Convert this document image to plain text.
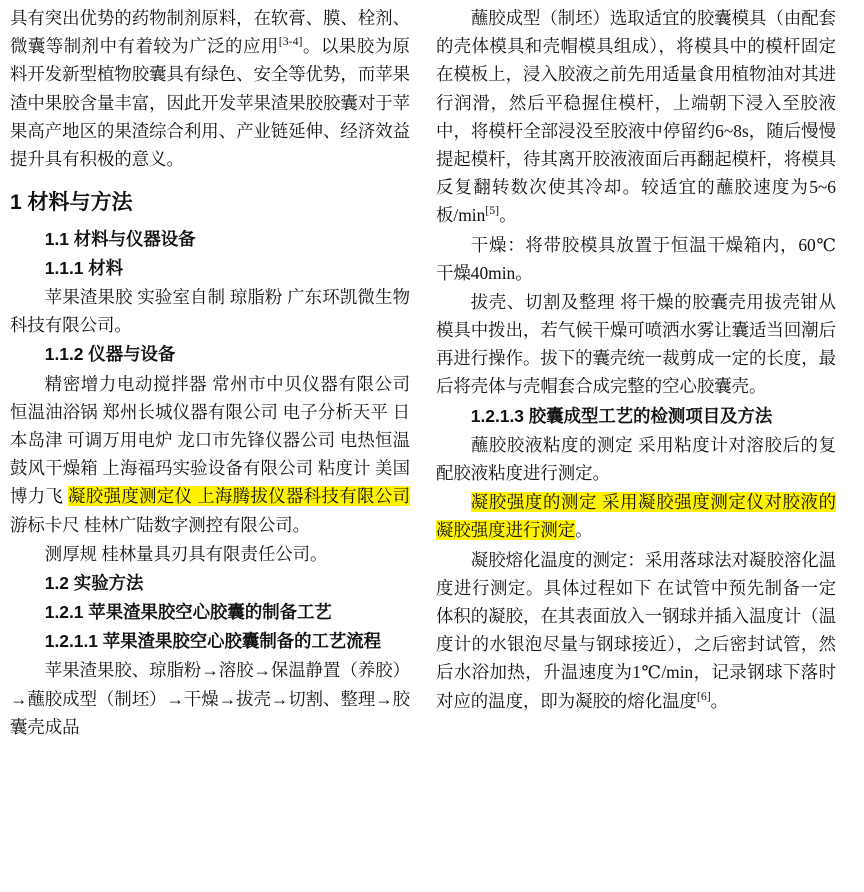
具有突出优势的药物制剂原料，在软膏、膜、栓剂、微囊等制剂中有着较为广泛的应用[3-4]。以果胶为原料开发新型植物胶囊具有绿色、安全等优势，而苹果渣中果胶含量丰富，因此开发苹果渣果胶胶囊对于苹果高产地区的果渣综合利用、产业链延伸、经济效益提升具有积极的意义。

1 材料与方法

1.1 材料与仪器设备

1.1.1 材料

苹果渣果胶 实验室自制 琼脂粉 广东环凯微生物科技有限公司。

1.1.2 仪器与设备

精密增力电动搅拌器 常州市中贝仪器有限公司 恒温油浴锅 郑州长城仪器有限公司 电子分析天平 日本岛津 可调万用电炉 龙口市先锋仪器公司 电热恒温鼓风干燥箱 上海福玛实验设备有限公司 粘度计 美国博力飞 凝胶强度测定仪 上海腾拔仪器科技有限公司 游标卡尺 桂林广陆数字测控有限公司。

测厚规 桂林量具刃具有限责任公司。

1.2 实验方法

1.2.1 苹果渣果胶空心胶囊的制备工艺

1.2.1.1 苹果渣果胶空心胶囊制备的工艺流程

苹果渣果胶、琼脂粉→溶胶→保温静置（养胶）→蘸胶成型（制坯）→干燥→拔壳→切割、整理→胶囊壳成品

蘸胶成型（制坯）选取适宜的胶囊模具（由配套的壳体模具和壳帽模具组成），将模具中的模杆固定在模板上，浸入胶液之前先用适量食用植物油对其进行润滑，然后平稳握住模杆，上端朝下浸入至胶液中，将模杆全部浸没至胶液中停留约6~8s，随后慢慢提起模杆，待其离开胶液液面后再翻起模杆，将模具反复翻转数次使其冷却。较适宜的蘸胶速度为5~6 板/min[5]。

干燥：将带胶模具放置于恒温干燥箱内，60℃干燥40min。

拔壳、切割及整理 将干燥的胶囊壳用拔壳钳从模具中拨出，若气候干燥可喷洒水雾让囊适当回潮后再进行操作。拔下的囊壳统一裁剪成一定的长度，最后将壳体与壳帽套合成完整的空心胶囊壳。

1.2.1.3 胶囊成型工艺的检测项目及方法

蘸胶胶液粘度的测定 采用粘度计对溶胶后的复配胶液粘度进行测定。

凝胶强度的测定 采用凝胶强度测定仪对胶液的凝胶强度进行测定。

凝胶熔化温度的测定：采用落球法对凝胶溶化温度进行测定。具体过程如下 在试管中预先制备一定体积的凝胶，在其表面放入一钢球并插入温度计（温度计的水银泡尽量与钢球接近），之后密封试管，然后水浴加热，升温速度为1℃/min，记录钢球下落时对应的温度，即为凝胶的熔化温度[6]。
